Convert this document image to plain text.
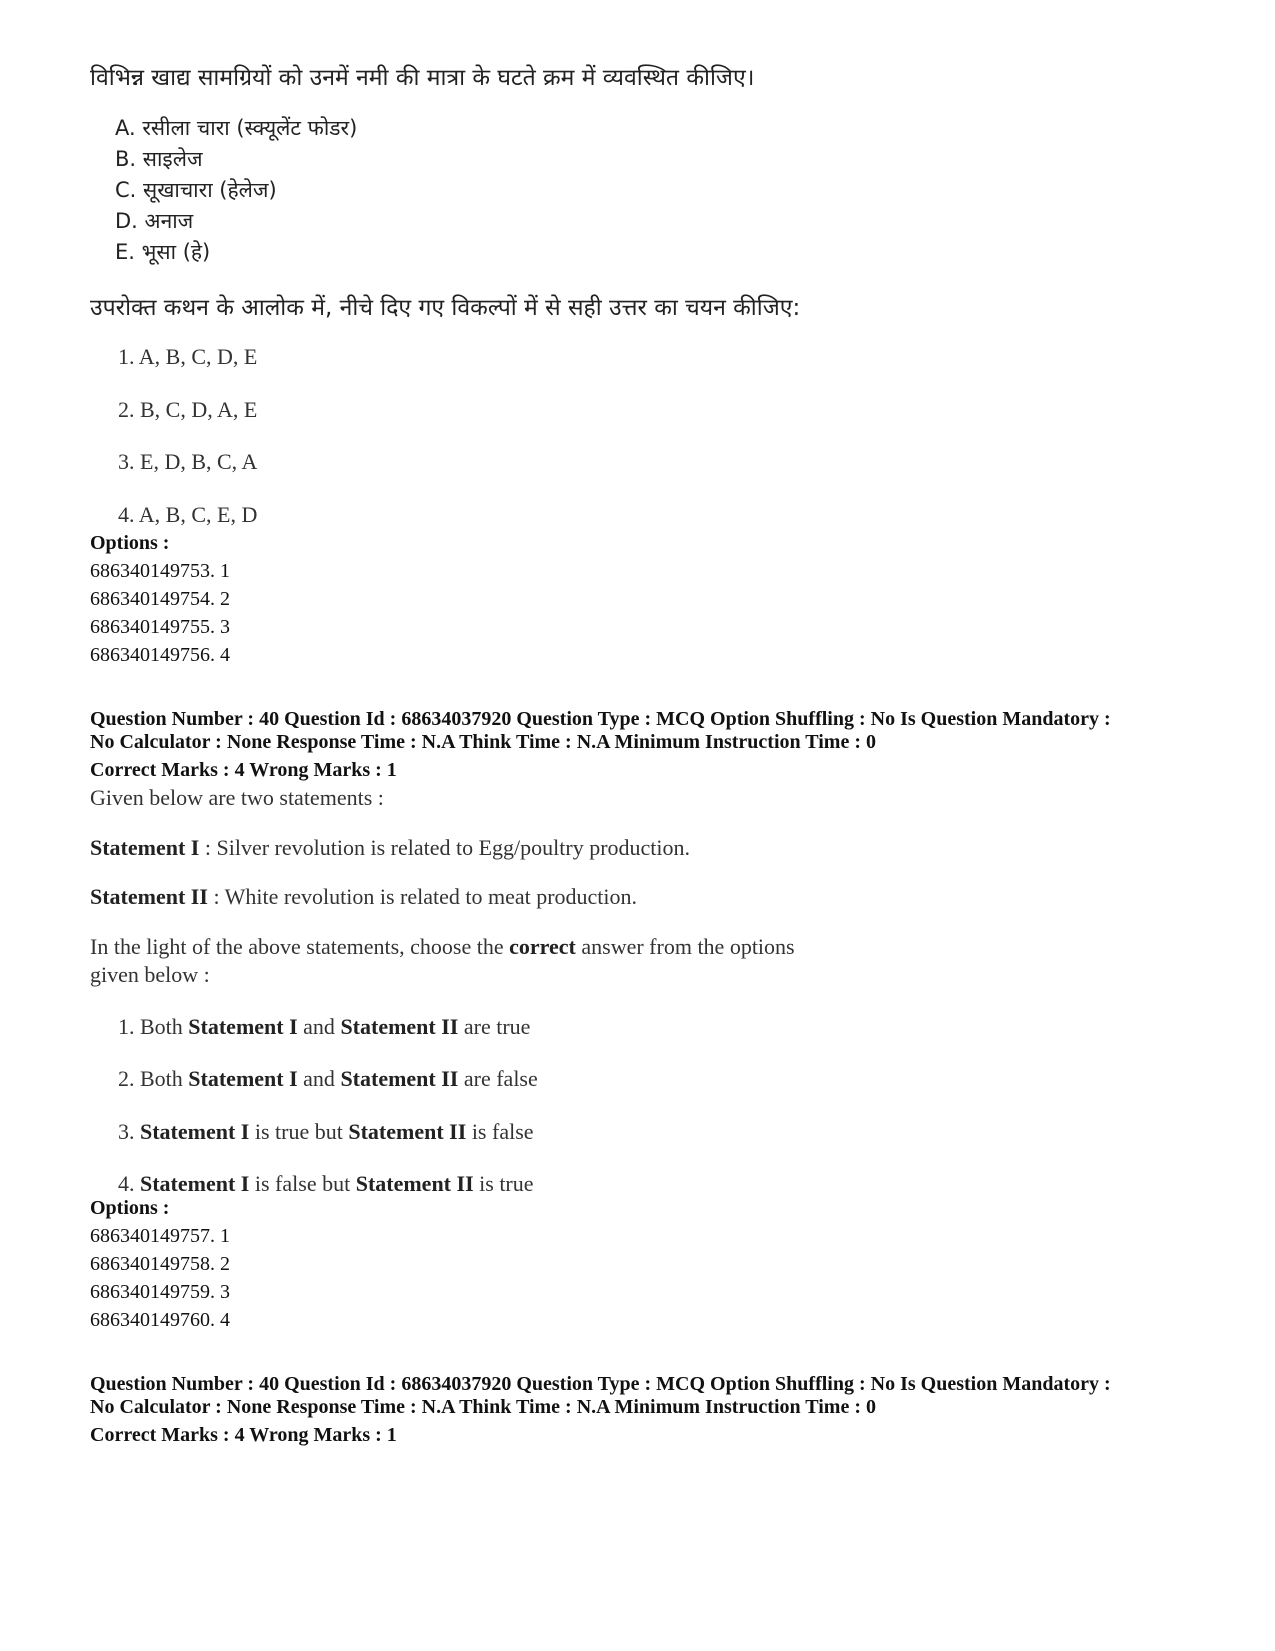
विभिन्न खाद्य सामग्रियों को उनमें नमी की मात्रा के घटते क्रम में व्यवस्थित कीजिए।
A. रसीला चारा (स्क्यूलेंट फोडर)
B. साइलेज
C. सूखाचारा (हेलेज)
D. अनाज
E. भूसा (हे)
उपरोक्त कथन के आलोक में, नीचे दिए गए विकल्पों में से सही उत्तर का चयन कीजिए:
1. A, B, C, D, E
2. B, C, D, A, E
3. E, D, B, C, A
4. A, B, C, E, D
Options :
686340149753. 1
686340149754. 2
686340149755. 3
686340149756. 4
Question Number : 40 Question Id : 68634037920 Question Type : MCQ Option Shuffling : No Is Question Mandatory :
No Calculator : None Response Time : N.A Think Time : N.A Minimum Instruction Time : 0
Correct Marks : 4 Wrong Marks : 1
Given below are two statements :
Statement I : Silver revolution is related to Egg/poultry production.
Statement II : White revolution is related to meat production.
In the light of the above statements, choose the correct answer from the options
given below :
1. Both Statement I and Statement II are true
2. Both Statement I and Statement II are false
3. Statement I is true but Statement II is false
4. Statement I is false but Statement II is true
Options :
686340149757. 1
686340149758. 2
686340149759. 3
686340149760. 4
Question Number : 40 Question Id : 68634037920 Question Type : MCQ Option Shuffling : No Is Question Mandatory :
No Calculator : None Response Time : N.A Think Time : N.A Minimum Instruction Time : 0
Correct Marks : 4 Wrong Marks : 1
